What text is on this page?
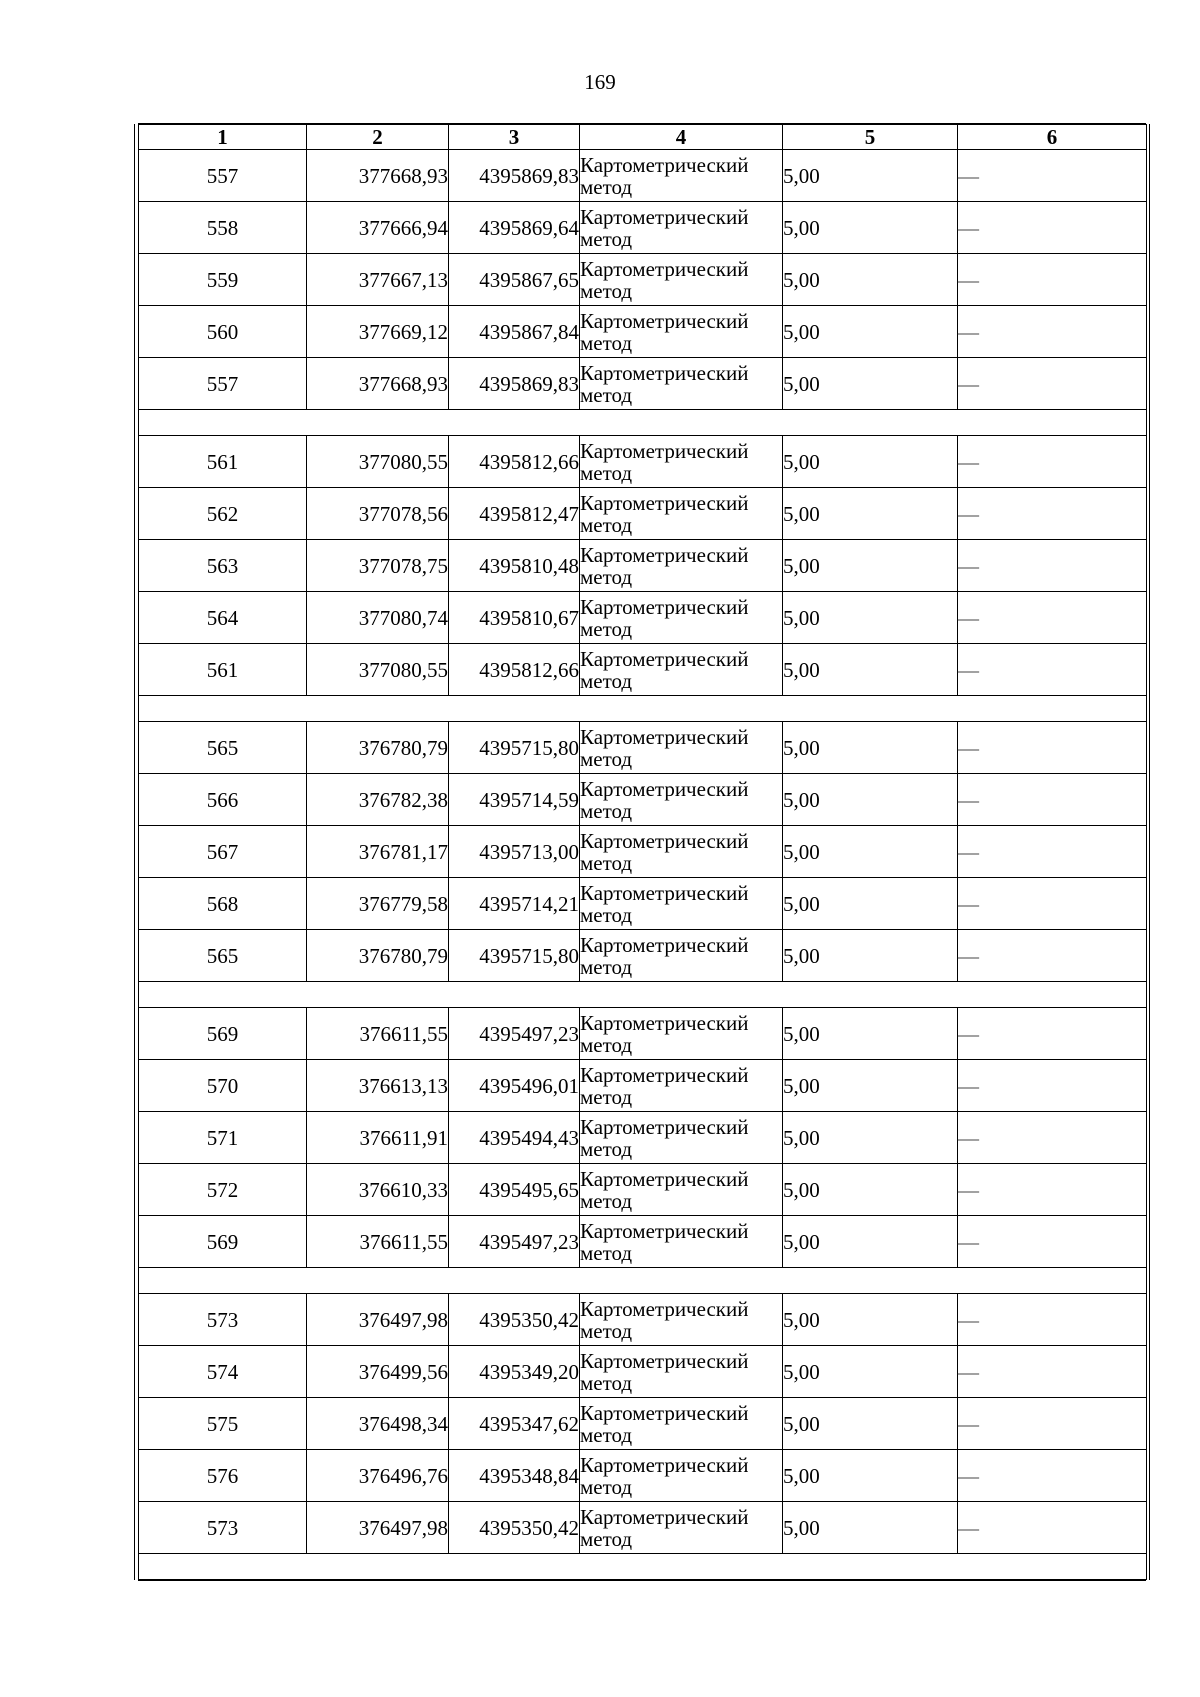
169
1	2	3	4	5	6
557	377668,93	4395869,83	Картометрический метод	5,00	—
558	377666,94	4395869,64	Картометрический метод	5,00	—
559	377667,13	4395867,65	Картометрический метод	5,00	—
560	377669,12	4395867,84	Картометрический метод	5,00	—
557	377668,93	4395869,83	Картометрический метод	5,00	—

561	377080,55	4395812,66	Картометрический метод	5,00	—
562	377078,56	4395812,47	Картометрический метод	5,00	—
563	377078,75	4395810,48	Картометрический метод	5,00	—
564	377080,74	4395810,67	Картометрический метод	5,00	—
561	377080,55	4395812,66	Картометрический метод	5,00	—

565	376780,79	4395715,80	Картометрический метод	5,00	—
566	376782,38	4395714,59	Картометрический метод	5,00	—
567	376781,17	4395713,00	Картометрический метод	5,00	—
568	376779,58	4395714,21	Картометрический метод	5,00	—
565	376780,79	4395715,80	Картометрический метод	5,00	—

569	376611,55	4395497,23	Картометрический метод	5,00	—
570	376613,13	4395496,01	Картометрический метод	5,00	—
571	376611,91	4395494,43	Картометрический метод	5,00	—
572	376610,33	4395495,65	Картометрический метод	5,00	—
569	376611,55	4395497,23	Картометрический метод	5,00	—

573	376497,98	4395350,42	Картометрический метод	5,00	—
574	376499,56	4395349,20	Картометрический метод	5,00	—
575	376498,34	4395347,62	Картометрический метод	5,00	—
576	376496,76	4395348,84	Картометрический метод	5,00	—
573	376497,98	4395350,42	Картометрический метод	5,00	—
